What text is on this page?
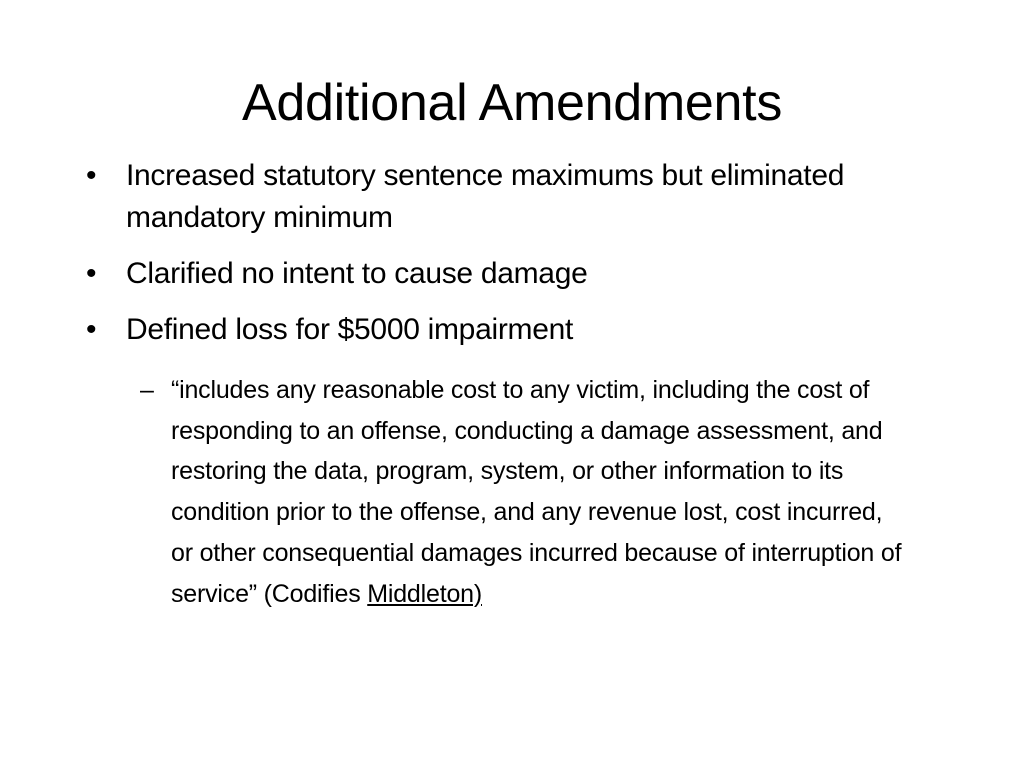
Additional Amendments
• Increased statutory sentence maximums but eliminated mandatory minimum
• Clarified no intent to cause damage
• Defined loss for $5000 impairment
– “includes any reasonable cost to any victim, including the cost of responding to an offense, conducting a damage assessment, and restoring the data, program, system, or other information to its condition prior to the offense, and any revenue lost, cost incurred, or other consequential damages incurred because of interruption of service” (Codifies Middleton)
